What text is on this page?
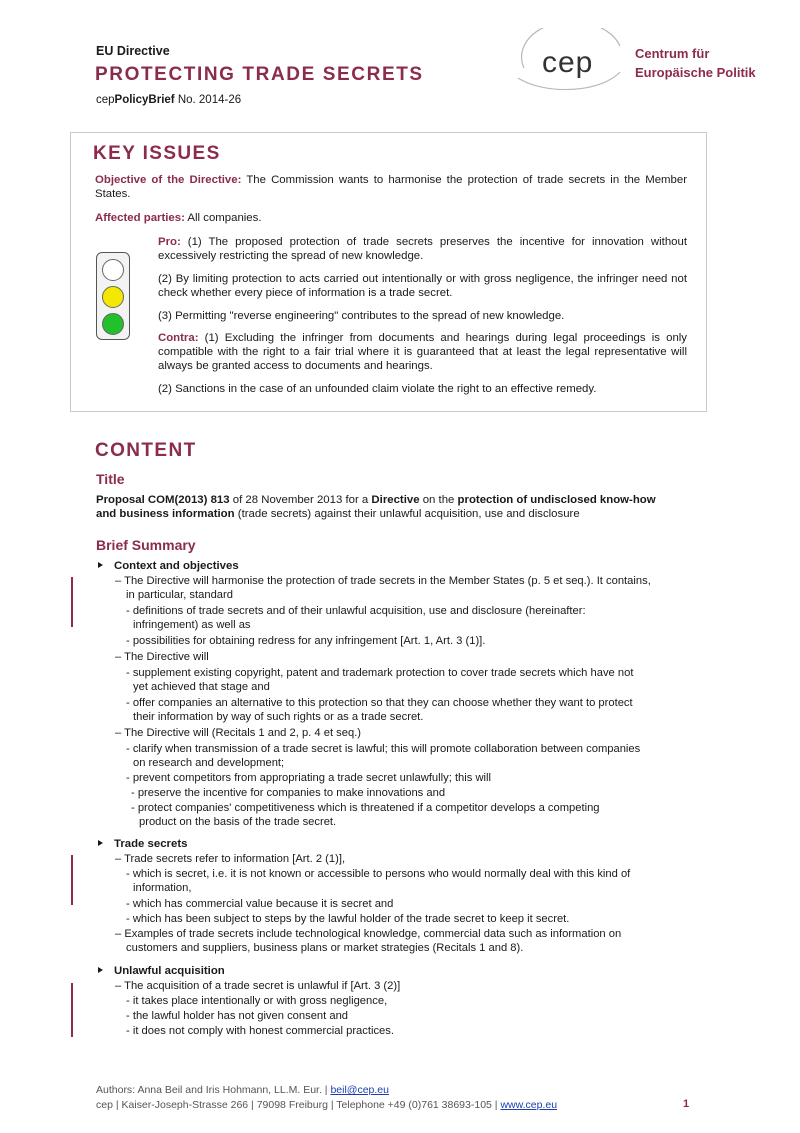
EU Directive
PROTECTING TRADE SECRETS
cepPolicyBrief No. 2014-26
cep	Centrum für
Europäische Politik
KEY ISSUES
Objective of the Directive: The Commission wants to harmonise the protection of trade secrets in the Member States.
Affected parties: All companies.
Pro: (1) The proposed protection of trade secrets preserves the incentive for innovation without excessively restricting the spread of new knowledge.
(2) By limiting protection to acts carried out intentionally or with gross negligence, the infringer need not check whether every piece of information is a trade secret.
(3) Permitting "reverse engineering" contributes to the spread of new knowledge.
Contra: (1) Excluding the infringer from documents and hearings during legal proceedings is only compatible with the right to a fair trial where it is guaranteed that at least the legal representative will always be granted access to documents and hearings.
(2) Sanctions in the case of an unfounded claim violate the right to an effective remedy.
CONTENT
Title
Proposal COM(2013) 813 of 28 November 2013 for a Directive on the protection of undisclosed know-how
and business information (trade secrets) against their unlawful acquisition, use and disclosure
Brief Summary
Context and objectives
– The Directive will harmonise the protection of trade secrets in the Member States (p. 5 et seq.). It contains,
in particular, standard
- definitions of trade secrets and of their unlawful acquisition, use and disclosure (hereinafter:
infringement) as well as
- possibilities for obtaining redress for any infringement [Art. 1, Art. 3 (1)].
– The Directive will
- supplement existing copyright, patent and trademark protection to cover trade secrets which have not
yet achieved that stage and
- offer companies an alternative to this protection so that they can choose whether they want to protect
their information by way of such rights or as a trade secret.
– The Directive will (Recitals 1 and 2, p. 4 et seq.)
- clarify when transmission of a trade secret is lawful; this will promote collaboration between companies
on research and development;
- prevent competitors from appropriating a trade secret unlawfully; this will
- preserve the incentive for companies to make innovations and
- protect companies' competitiveness which is threatened if a competitor develops a competing
product on the basis of the trade secret.
Trade secrets
– Trade secrets refer to information [Art. 2 (1)],
- which is secret, i.e. it is not known or accessible to persons who would normally deal with this kind of
information,
- which has commercial value because it is secret and
- which has been subject to steps by the lawful holder of the trade secret to keep it secret.
– Examples of trade secrets include technological knowledge, commercial data such as information on
customers and suppliers, business plans or market strategies (Recitals 1 and 8).
Unlawful acquisition
– The acquisition of a trade secret is unlawful if [Art. 3 (2)]
- it takes place intentionally or with gross negligence,
- the lawful holder has not given consent and
- it does not comply with honest commercial practices.
Authors: Anna Beil and Iris Hohmann, LL.M. Eur. | beil@cep.eu
cep | Kaiser-Joseph-Strasse 266 | 79098 Freiburg | Telephone +49 (0)761 38693-105 | www.cep.eu	1
